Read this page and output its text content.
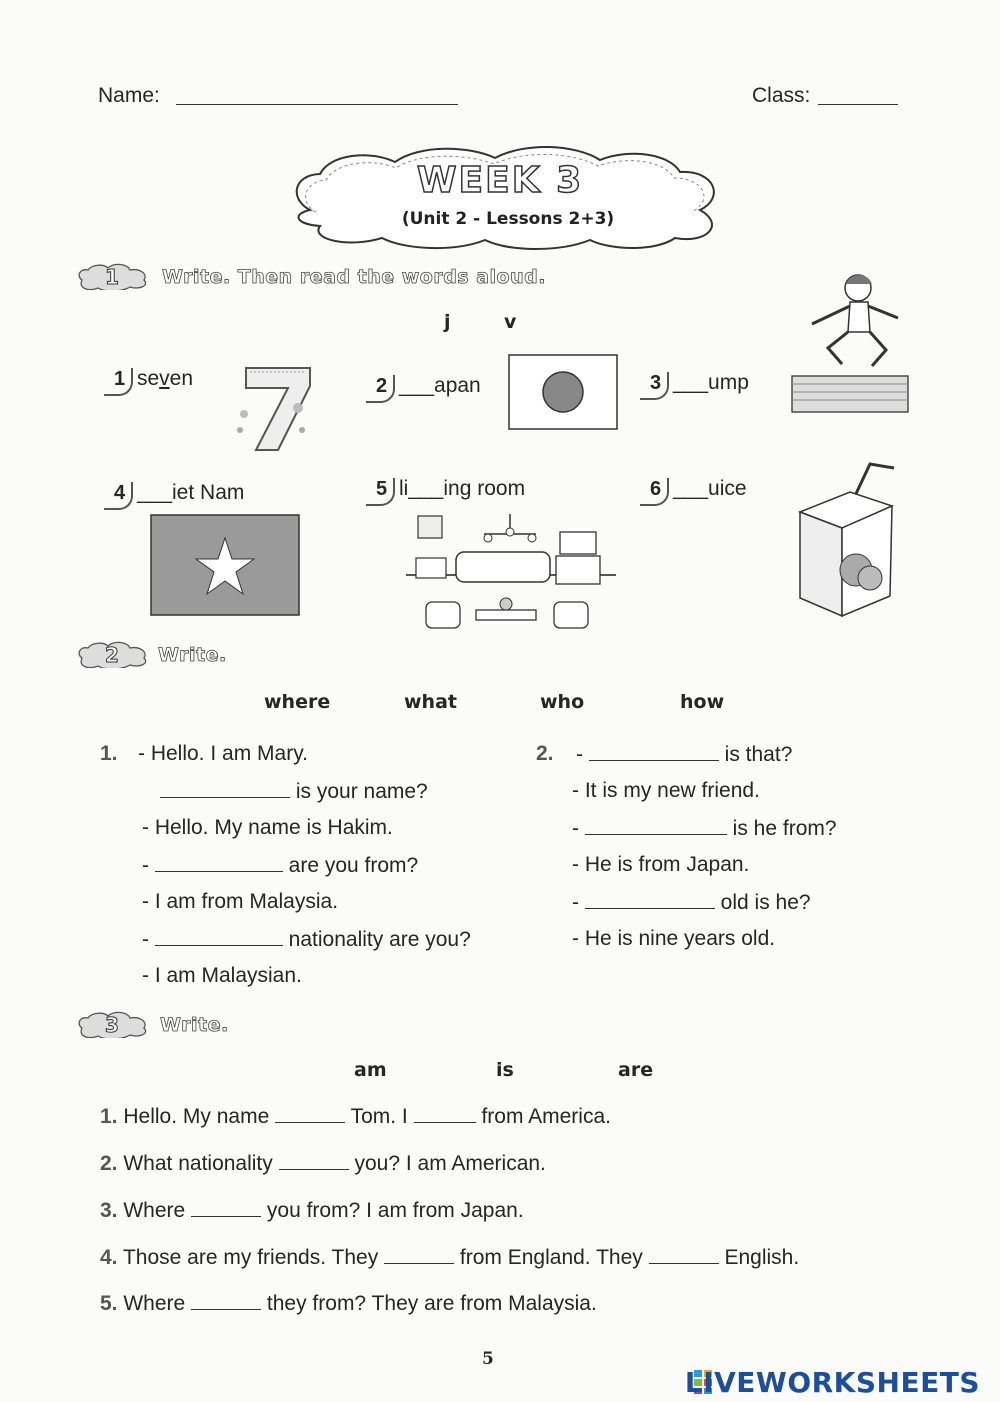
Name:	Class:
WEEK 3
(Unit 2 - Lessons 2+3)
1 Write. Then read the words aloud.
j	v
1 seven	2 ___apan	3 ___ump
4 ___iet Nam	5 li___ing room	6 ___uice
2 Write.
where	what	who	how
1. - Hello. I am Mary.
is your name?
- Hello. My name is Hakim.
-	are you from?
- I am from Malaysia.
-	nationality are you?
- I am Malaysian.
2. -	is that?
- It is my new friend.
-	is he from?
- He is from Japan.
-	old is he?
- He is nine years old.
3 Write.
am	is	are
1. Hello. My name	Tom. I	from America.
2. What nationality	you? I am American.
3. Where	you from? I am from Japan.
4. Those are my friends. They	from England. They	English.
5. Where	they from? They are from Malaysia.
5
LIVEWORKSHEETS
